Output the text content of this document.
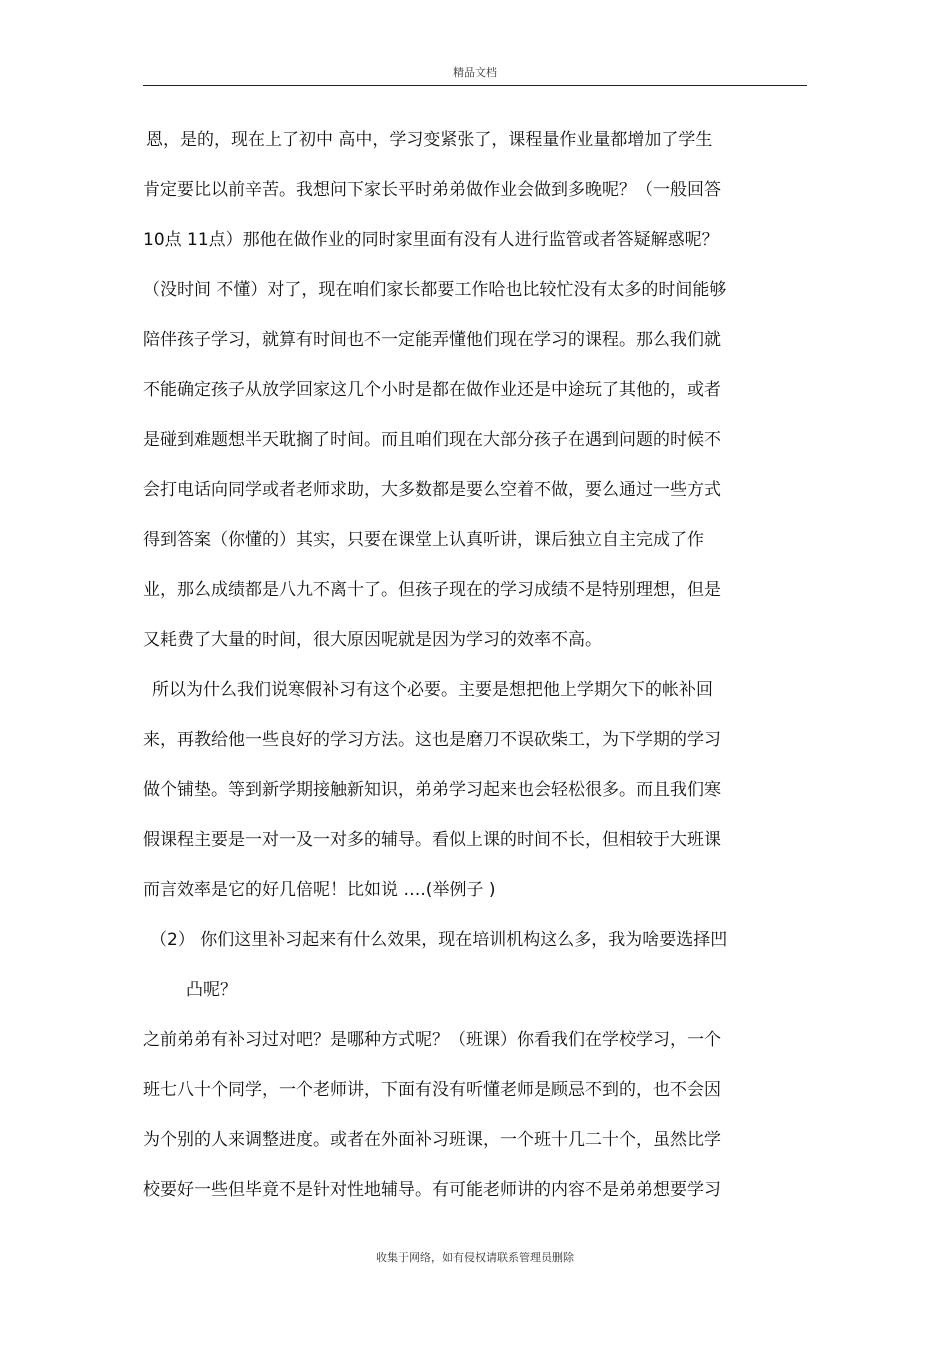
精品文档
恩，是的，现在上了初中 高中，学习变紧张了，课程量作业量都增加了学生
肯定要比以前辛苦。我想问下家长平时弟弟做作业会做到多晚呢？（一般回答
10点 11点）那他在做作业的同时家里面有没有人进行监管或者答疑解惑呢？
（没时间 不懂）对了，现在咱们家长都要工作哈也比较忙没有太多的时间能够
陪伴孩子学习，就算有时间也不一定能弄懂他们现在学习的课程。那么我们就
不能确定孩子从放学回家这几个小时是都在做作业还是中途玩了其他的，或者
是碰到难题想半天耽搁了时间。而且咱们现在大部分孩子在遇到问题的时候不
会打电话向同学或者老师求助，大多数都是要么空着不做，要么通过一些方式
得到答案（你懂的）其实，只要在课堂上认真听讲，课后独立自主完成了作
业，那么成绩都是八九不离十了。但孩子现在的学习成绩不是特别理想，但是
又耗费了大量的时间，很大原因呢就是因为学习的效率不高。
所以为什么我们说寒假补习有这个必要。主要是想把他上学期欠下的帐补回
来，再教给他一些良好的学习方法。这也是磨刀不误砍柴工，为下学期的学习
做个铺垫。等到新学期接触新知识，弟弟学习起来也会轻松很多。而且我们寒
假课程主要是一对一及一对多的辅导。看似上课的时间不长，但相较于大班课
而言效率是它的好几倍呢！比如说 ….(举例子 )
（2） 你们这里补习起来有什么效果，现在培训机构这么多，我为啥要选择凹
凸呢？
之前弟弟有补习过对吧？是哪种方式呢？（班课）你看我们在学校学习，一个
班七八十个同学，一个老师讲，下面有没有听懂老师是顾忌不到的，也不会因
为个别的人来调整进度。或者在外面补习班课，一个班十几二十个，虽然比学
校要好一些但毕竟不是针对性地辅导。有可能老师讲的内容不是弟弟想要学习
收集于网络，如有侵权请联系管理员删除
